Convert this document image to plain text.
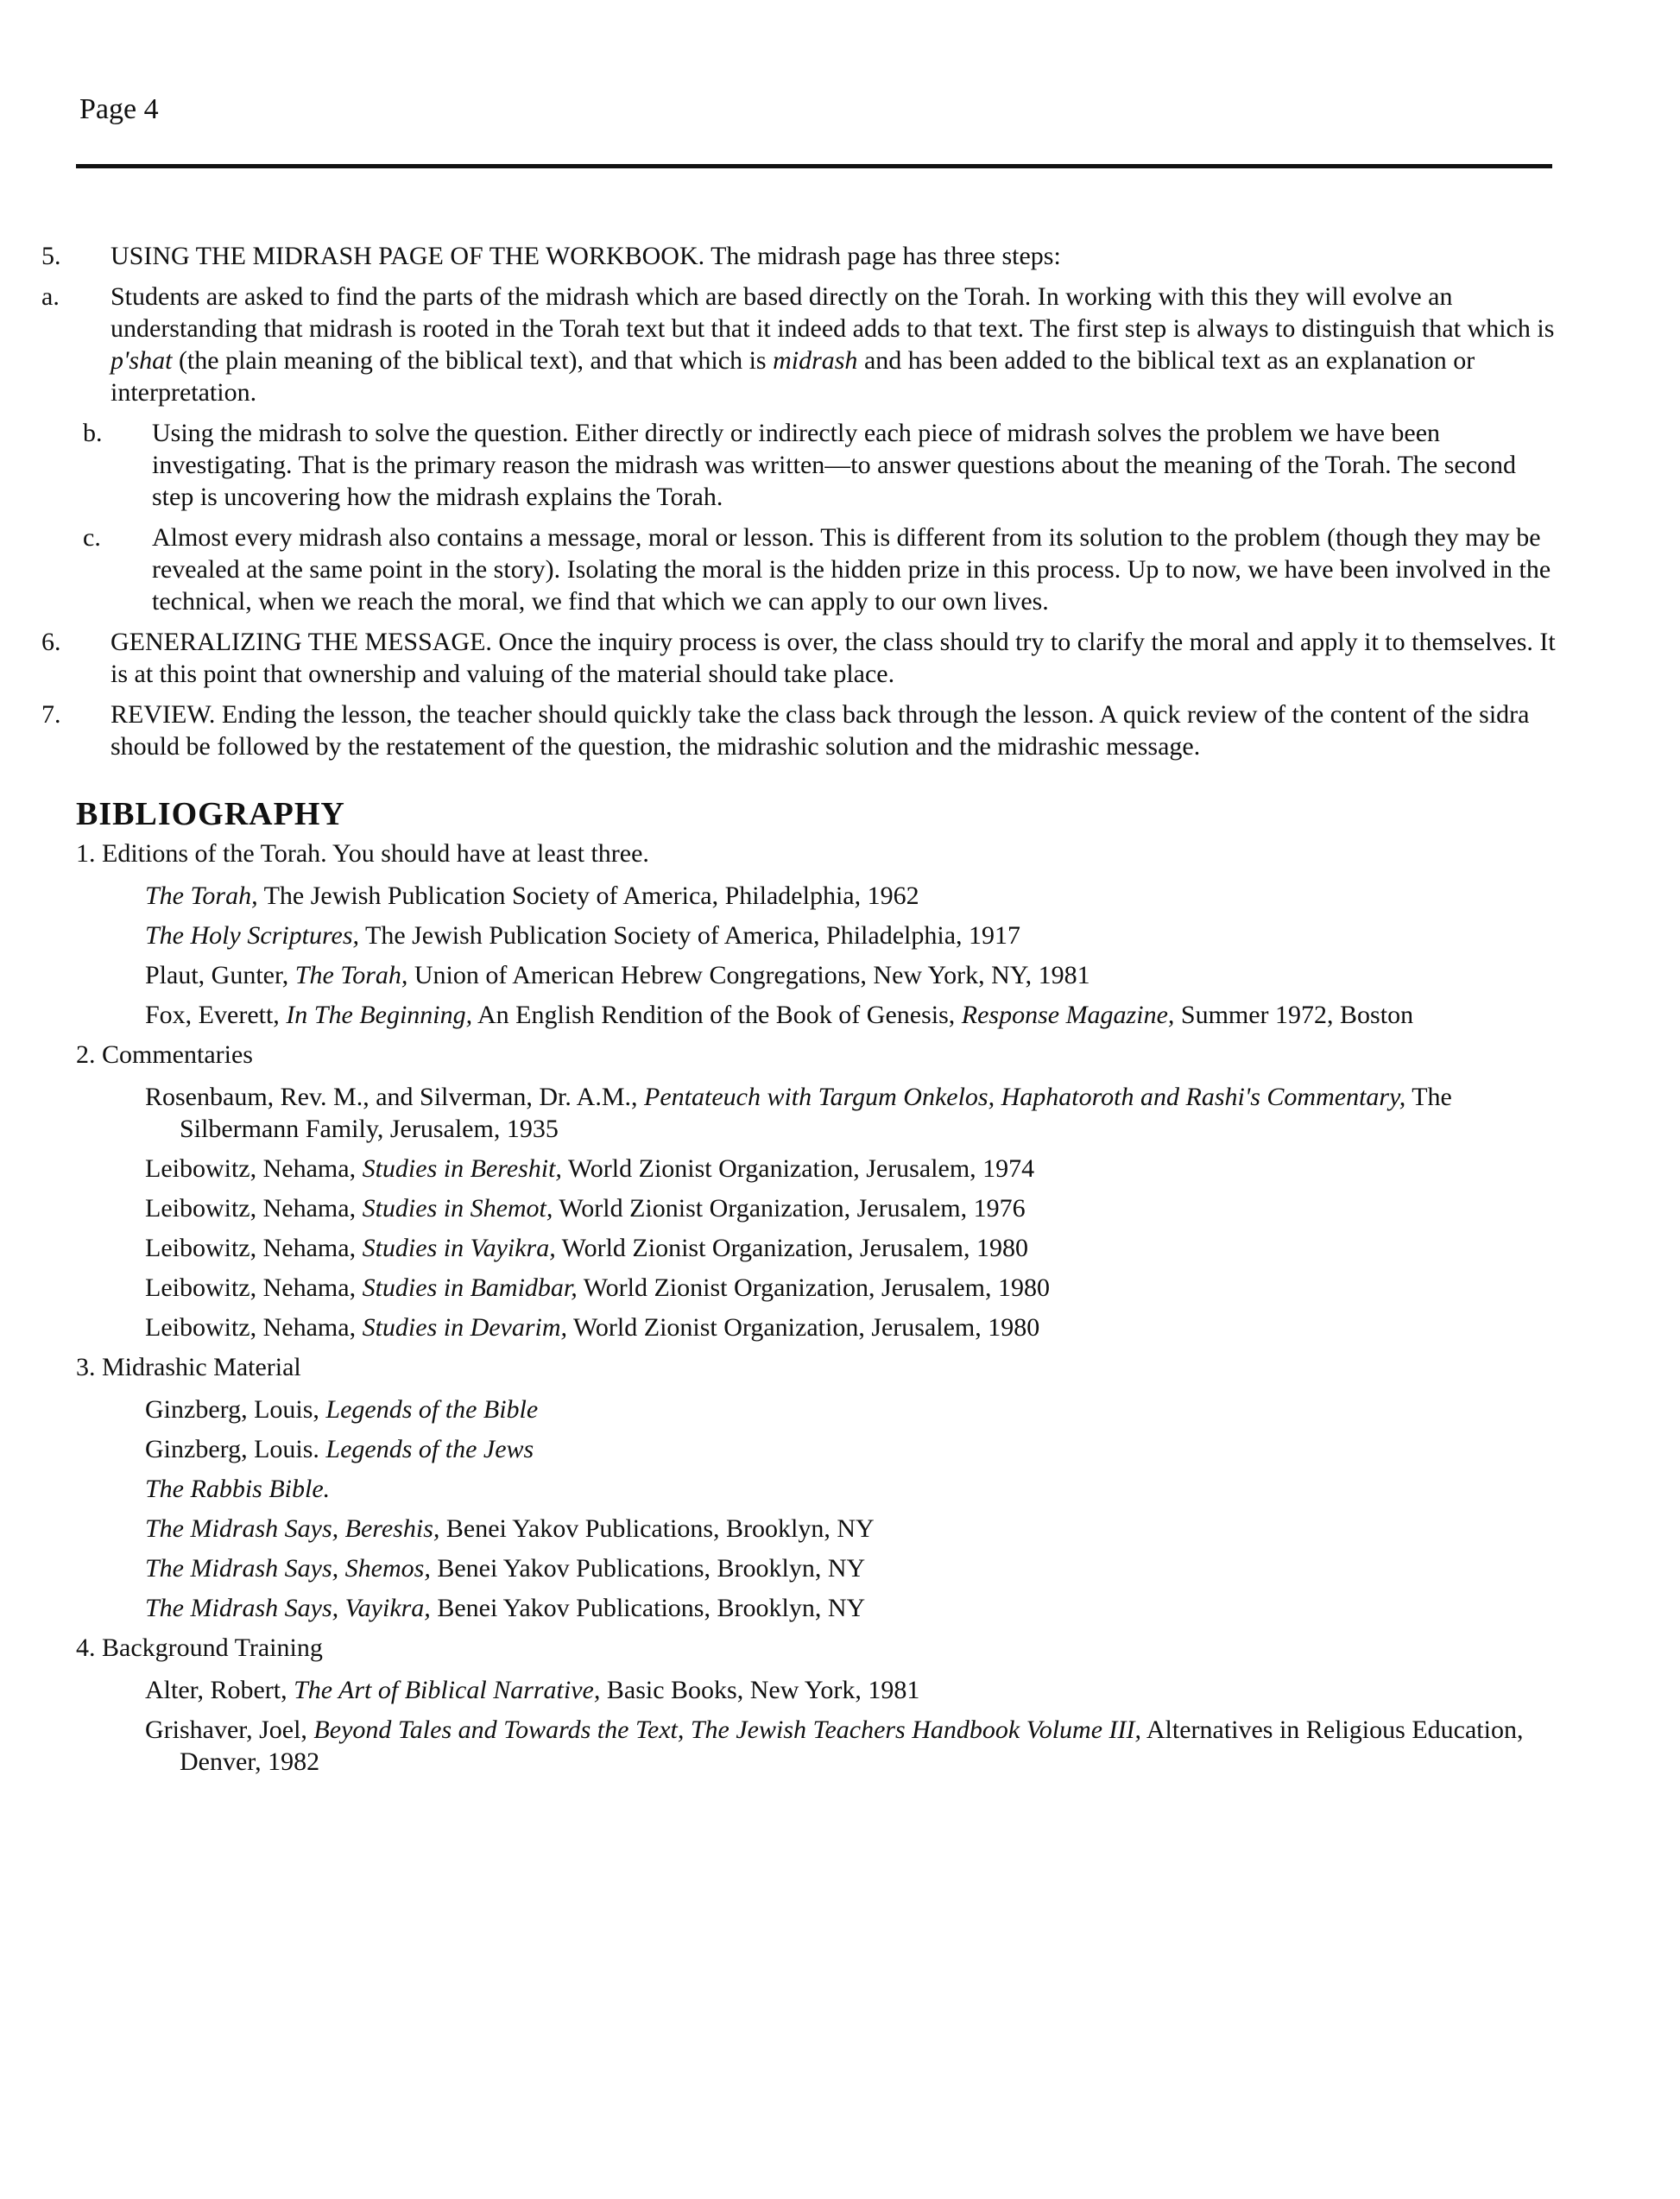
Page 4

5. USING THE MIDRASH PAGE OF THE WORKBOOK. The midrash page has three steps:

a. Students are asked to find the parts of the midrash which are based directly on the Torah. In working with this they will evolve an understanding that midrash is rooted in the Torah text but that it indeed adds to that text. The first step is always to distinguish that which is p'shat (the plain meaning of the biblical text), and that which is midrash and has been added to the biblical text as an explanation or interpretation.

b. Using the midrash to solve the question. Either directly or indirectly each piece of midrash solves the problem we have been investigating. That is the primary reason the midrash was written—to answer questions about the meaning of the Torah. The second step is uncovering how the midrash explains the Torah.

c. Almost every midrash also contains a message, moral or lesson. This is different from its solution to the problem (though they may be revealed at the same point in the story). Isolating the moral is the hidden prize in this process. Up to now, we have been involved in the technical, when we reach the moral, we find that which we can apply to our own lives.

6. GENERALIZING THE MESSAGE. Once the inquiry process is over, the class should try to clarify the moral and apply it to themselves. It is at this point that ownership and valuing of the material should take place.

7. REVIEW. Ending the lesson, the teacher should quickly take the class back through the lesson. A quick review of the content of the sidra should be followed by the restatement of the question, the midrashic solution and the midrashic message.

BIBLIOGRAPHY
1. Editions of the Torah. You should have at least three.
The Torah, The Jewish Publication Society of America, Philadelphia, 1962
The Holy Scriptures, The Jewish Publication Society of America, Philadelphia, 1917
Plaut, Gunter, The Torah, Union of American Hebrew Congregations, New York, NY, 1981
Fox, Everett, In The Beginning, An English Rendition of the Book of Genesis, Response Magazine, Summer 1972, Boston
2. Commentaries
Rosenbaum, Rev. M., and Silverman, Dr. A.M., Pentateuch with Targum Onkelos, Haphatoroth and Rashi's Commentary, The Silbermann Family, Jerusalem, 1935
Leibowitz, Nehama, Studies in Bereshit, World Zionist Organization, Jerusalem, 1974
Leibowitz, Nehama, Studies in Shemot, World Zionist Organization, Jerusalem, 1976
Leibowitz, Nehama, Studies in Vayikra, World Zionist Organization, Jerusalem, 1980
Leibowitz, Nehama, Studies in Bamidbar, World Zionist Organization, Jerusalem, 1980
Leibowitz, Nehama, Studies in Devarim, World Zionist Organization, Jerusalem, 1980
3. Midrashic Material
Ginzberg, Louis, Legends of the Bible
Ginzberg, Louis. Legends of the Jews
The Rabbis Bible.
The Midrash Says, Bereshis, Benei Yakov Publications, Brooklyn, NY
The Midrash Says, Shemos, Benei Yakov Publications, Brooklyn, NY
The Midrash Says, Vayikra, Benei Yakov Publications, Brooklyn, NY
4. Background Training
Alter, Robert, The Art of Biblical Narrative, Basic Books, New York, 1981
Grishaver, Joel, Beyond Tales and Towards the Text, The Jewish Teachers Handbook Volume III, Alternatives in Religious Education, Denver, 1982
